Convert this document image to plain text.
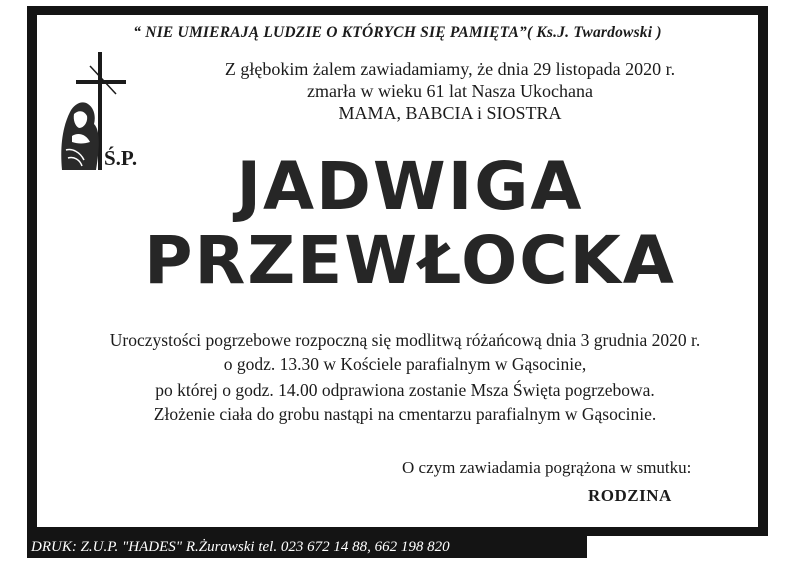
“ NIE UMIERAJĄ LUDZIE O KTÓRYCH SIĘ PAMIĘTA”( Ks.J. Twardowski )
Z głębokim żalem zawiadamiamy, że dnia 29 listopada 2020 r.
zmarła w wieku 61 lat Nasza Ukochana
MAMA, BABCIA i SIOSTRA
Ś.P.	JADWIGA
PRZEWŁOCKA
Uroczystości pogrzebowe rozpoczną się modlitwą różańcową dnia 3 grudnia 2020 r.
o godz. 13.30 w Kościele parafialnym w Gąsocinie,
po której o godz. 14.00 odprawiona zostanie Msza Święta pogrzebowa.
Złożenie ciała do grobu nastąpi na cmentarzu parafialnym w Gąsocinie.
O czym zawiadamia pogrążona w smutku:
RODZINA
DRUK: Z.U.P. "HADES" R.Żurawski tel. 023 672 14 88, 662 198 820
